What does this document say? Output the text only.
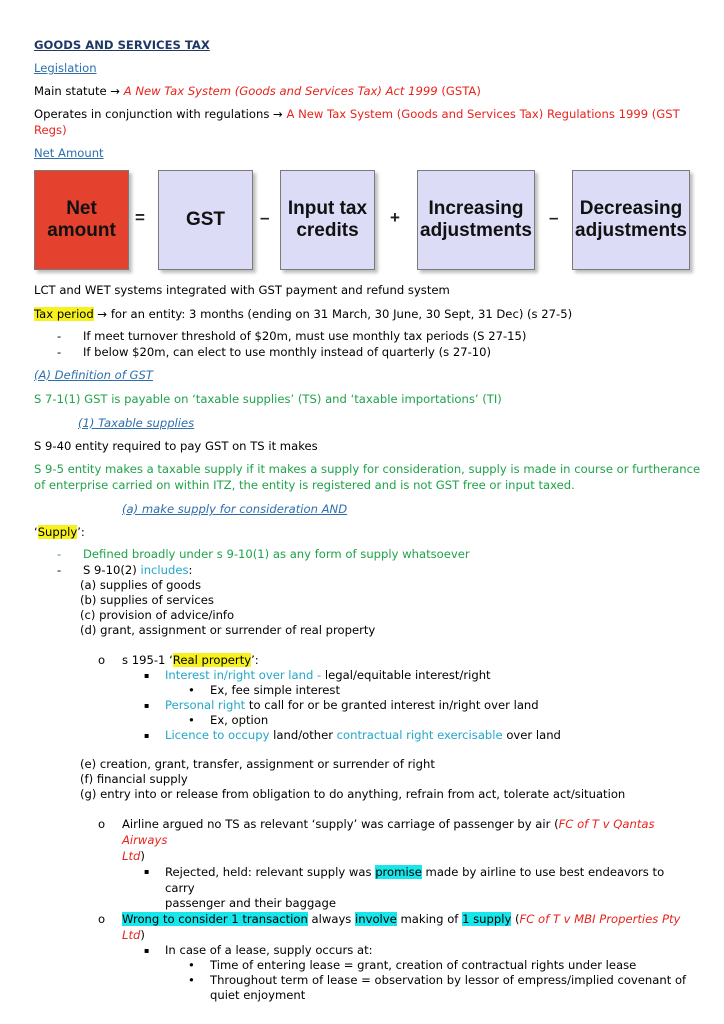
GOODS AND SERVICES TAX
Legislation
Main statute → A New Tax System (Goods and Services Tax) Act 1999 (GSTA)
Operates in conjunction with regulations → A New Tax System (Goods and Services Tax) Regulations 1999 (GST
Regs)
Net Amount
Net amount
=	GST	– Input tax credits
+	Increasing adjustments
–	Decreasing adjustments
LCT and WET systems integrated with GST payment and refund system
Tax period → for an entity: 3 months (ending on 31 March, 30 June, 30 Sept, 31 Dec) (s 27-5)
- If meet turnover threshold of $20m, must use monthly tax periods (S 27-15)
- If below $20m, can elect to use monthly instead of quarterly (s 27-10)
(A) Definition of GST
S 7-1(1) GST is payable on ‘taxable supplies’ (TS) and ‘taxable importations’ (TI)
(1) Taxable supplies
S 9-40 entity required to pay GST on TS it makes
S 9-5 entity makes a taxable supply if it makes a supply for consideration, supply is made in course or furtherance
of enterprise carried on within ITZ, the entity is registered and is not GST free or input taxed.
(a) make supply for consideration AND
‘Supply’:
- Defined broadly under s 9-10(1) as any form of supply whatsoever
- S 9-10(2) includes:
(a) supplies of goods
(b) supplies of services
(c) provision of advice/info
(d) grant, assignment or surrender of real property
o s 195-1 ‘Real property’:
▪ Interest in/right over land - legal/equitable interest/right
• Ex, fee simple interest
▪ Personal right to call for or be granted interest in/right over land
• Ex, option
▪ Licence to occupy land/other contractual right exercisable over land
(e) creation, grant, transfer, assignment or surrender of right
(f) financial supply
(g) entry into or release from obligation to do anything, refrain from act, tolerate act/situation
o Airline argued no TS as relevant ‘supply’ was carriage of passenger by air (FC of T v Qantas Airways
Ltd)
▪ Rejected, held: relevant supply was promise made by airline to use best endeavors to carry
passenger and their baggage
o Wrong to consider 1 transaction always involve making of 1 supply (FC of T v MBI Properties Pty Ltd)
▪ In case of a lease, supply occurs at:
• Time of entering lease = grant, creation of contractual rights under lease
• Throughout term of lease = observation by lessor of empress/implied covenant of
quiet enjoyment
